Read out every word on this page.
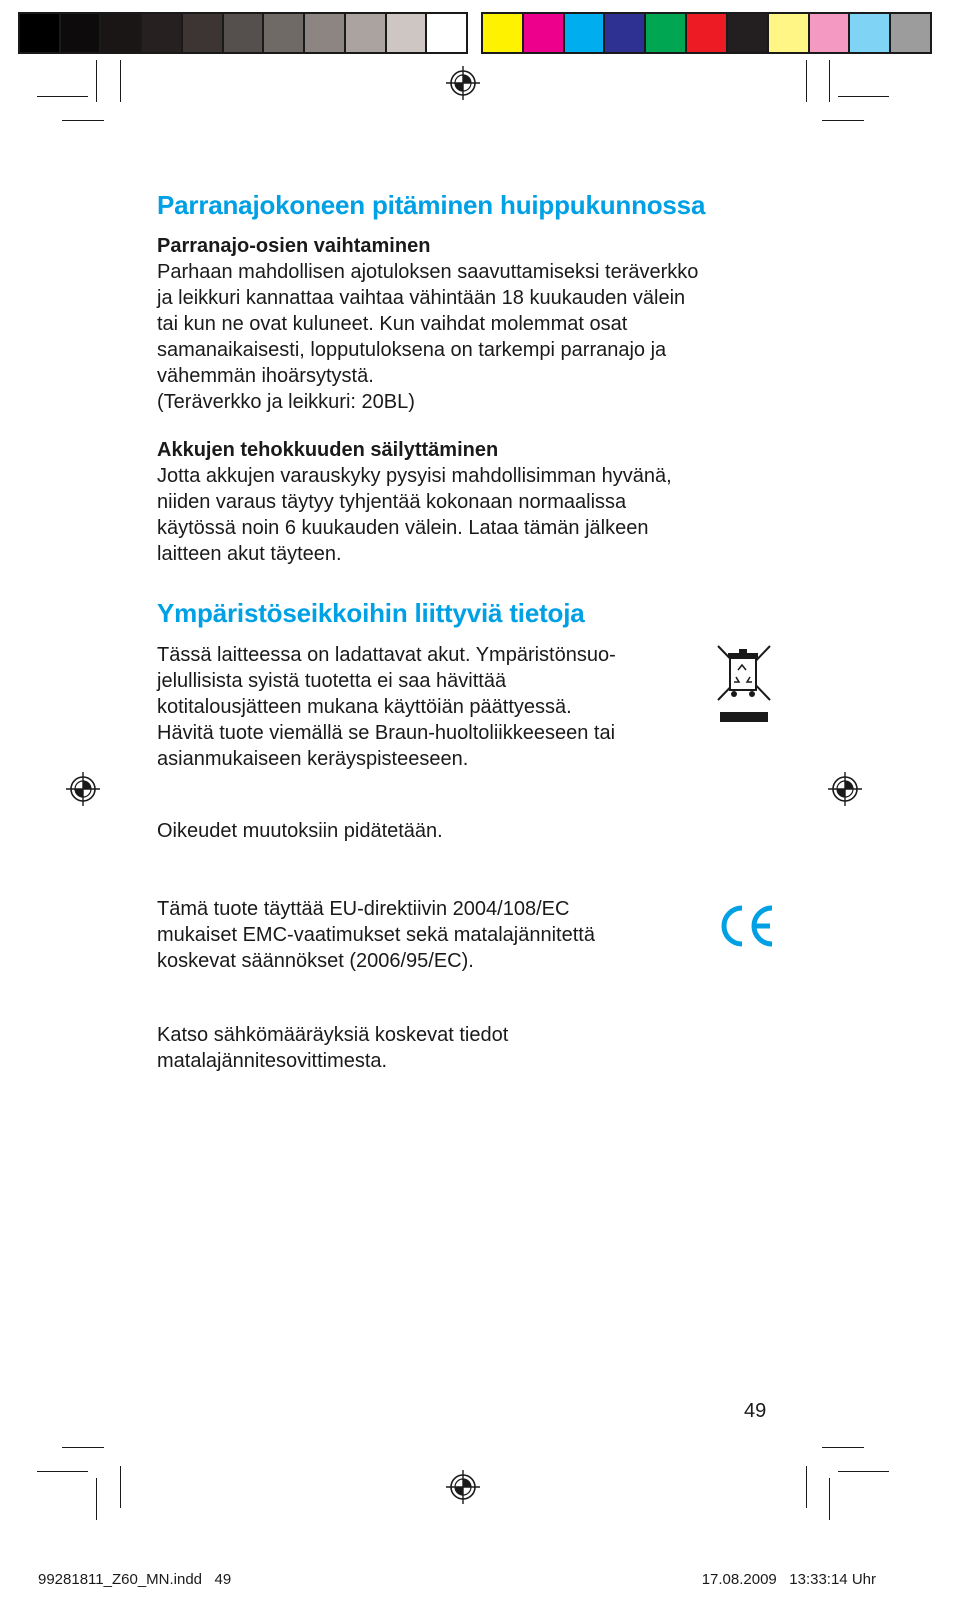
Parranajokoneen pitäminen huippukunnossa

Parranajo-osien vaihtaminen

Parhaan mahdollisen ajotuloksen saavuttamiseksi teräverkko
ja leikkuri kannattaa vaihtaa vähintään 18 kuukauden välein
tai kun ne ovat kuluneet. Kun vaihdat molemmat osat
samanaikaisesti, lopputuloksena on tarkempi parranajo ja
vähemmän ihoärsytystä.
(Teräverkko ja leikkuri: 20BL)

Akkujen tehokkuuden säilyttäminen

Jotta akkujen varauskyky pysyisi mahdollisimman hyvänä,
niiden varaus täytyy tyhjentää kokonaan normaalissa
käytössä noin 6 kuukauden välein. Lataa tämän jälkeen
laitteen akut täyteen.

Ympäristöseikkoihin liittyviä tietoja

Tässä laitteessa on ladattavat akut. Ympäristönsuo-
jelullisista syistä tuotetta ei saa hävittää
kotitalousjätteen mukana käyttöiän päättyessä.
Hävitä tuote viemällä se Braun-huoltoliikkeeseen tai
asianmukaiseen keräyspisteeseen.

Oikeudet muutoksiin pidätetään.

Tämä tuote täyttää EU-direktiivin 2004/108/EC
mukaiset EMC-vaatimukset sekä matalajännitettä
koskevat säännökset (2006/95/EC).

Katso sähkömääräyksiä koskevat tiedot
matalajännitesovittimesta.

49
99281811_Z60_MN.indd   49	17.08.2009   13:33:14 Uhr
